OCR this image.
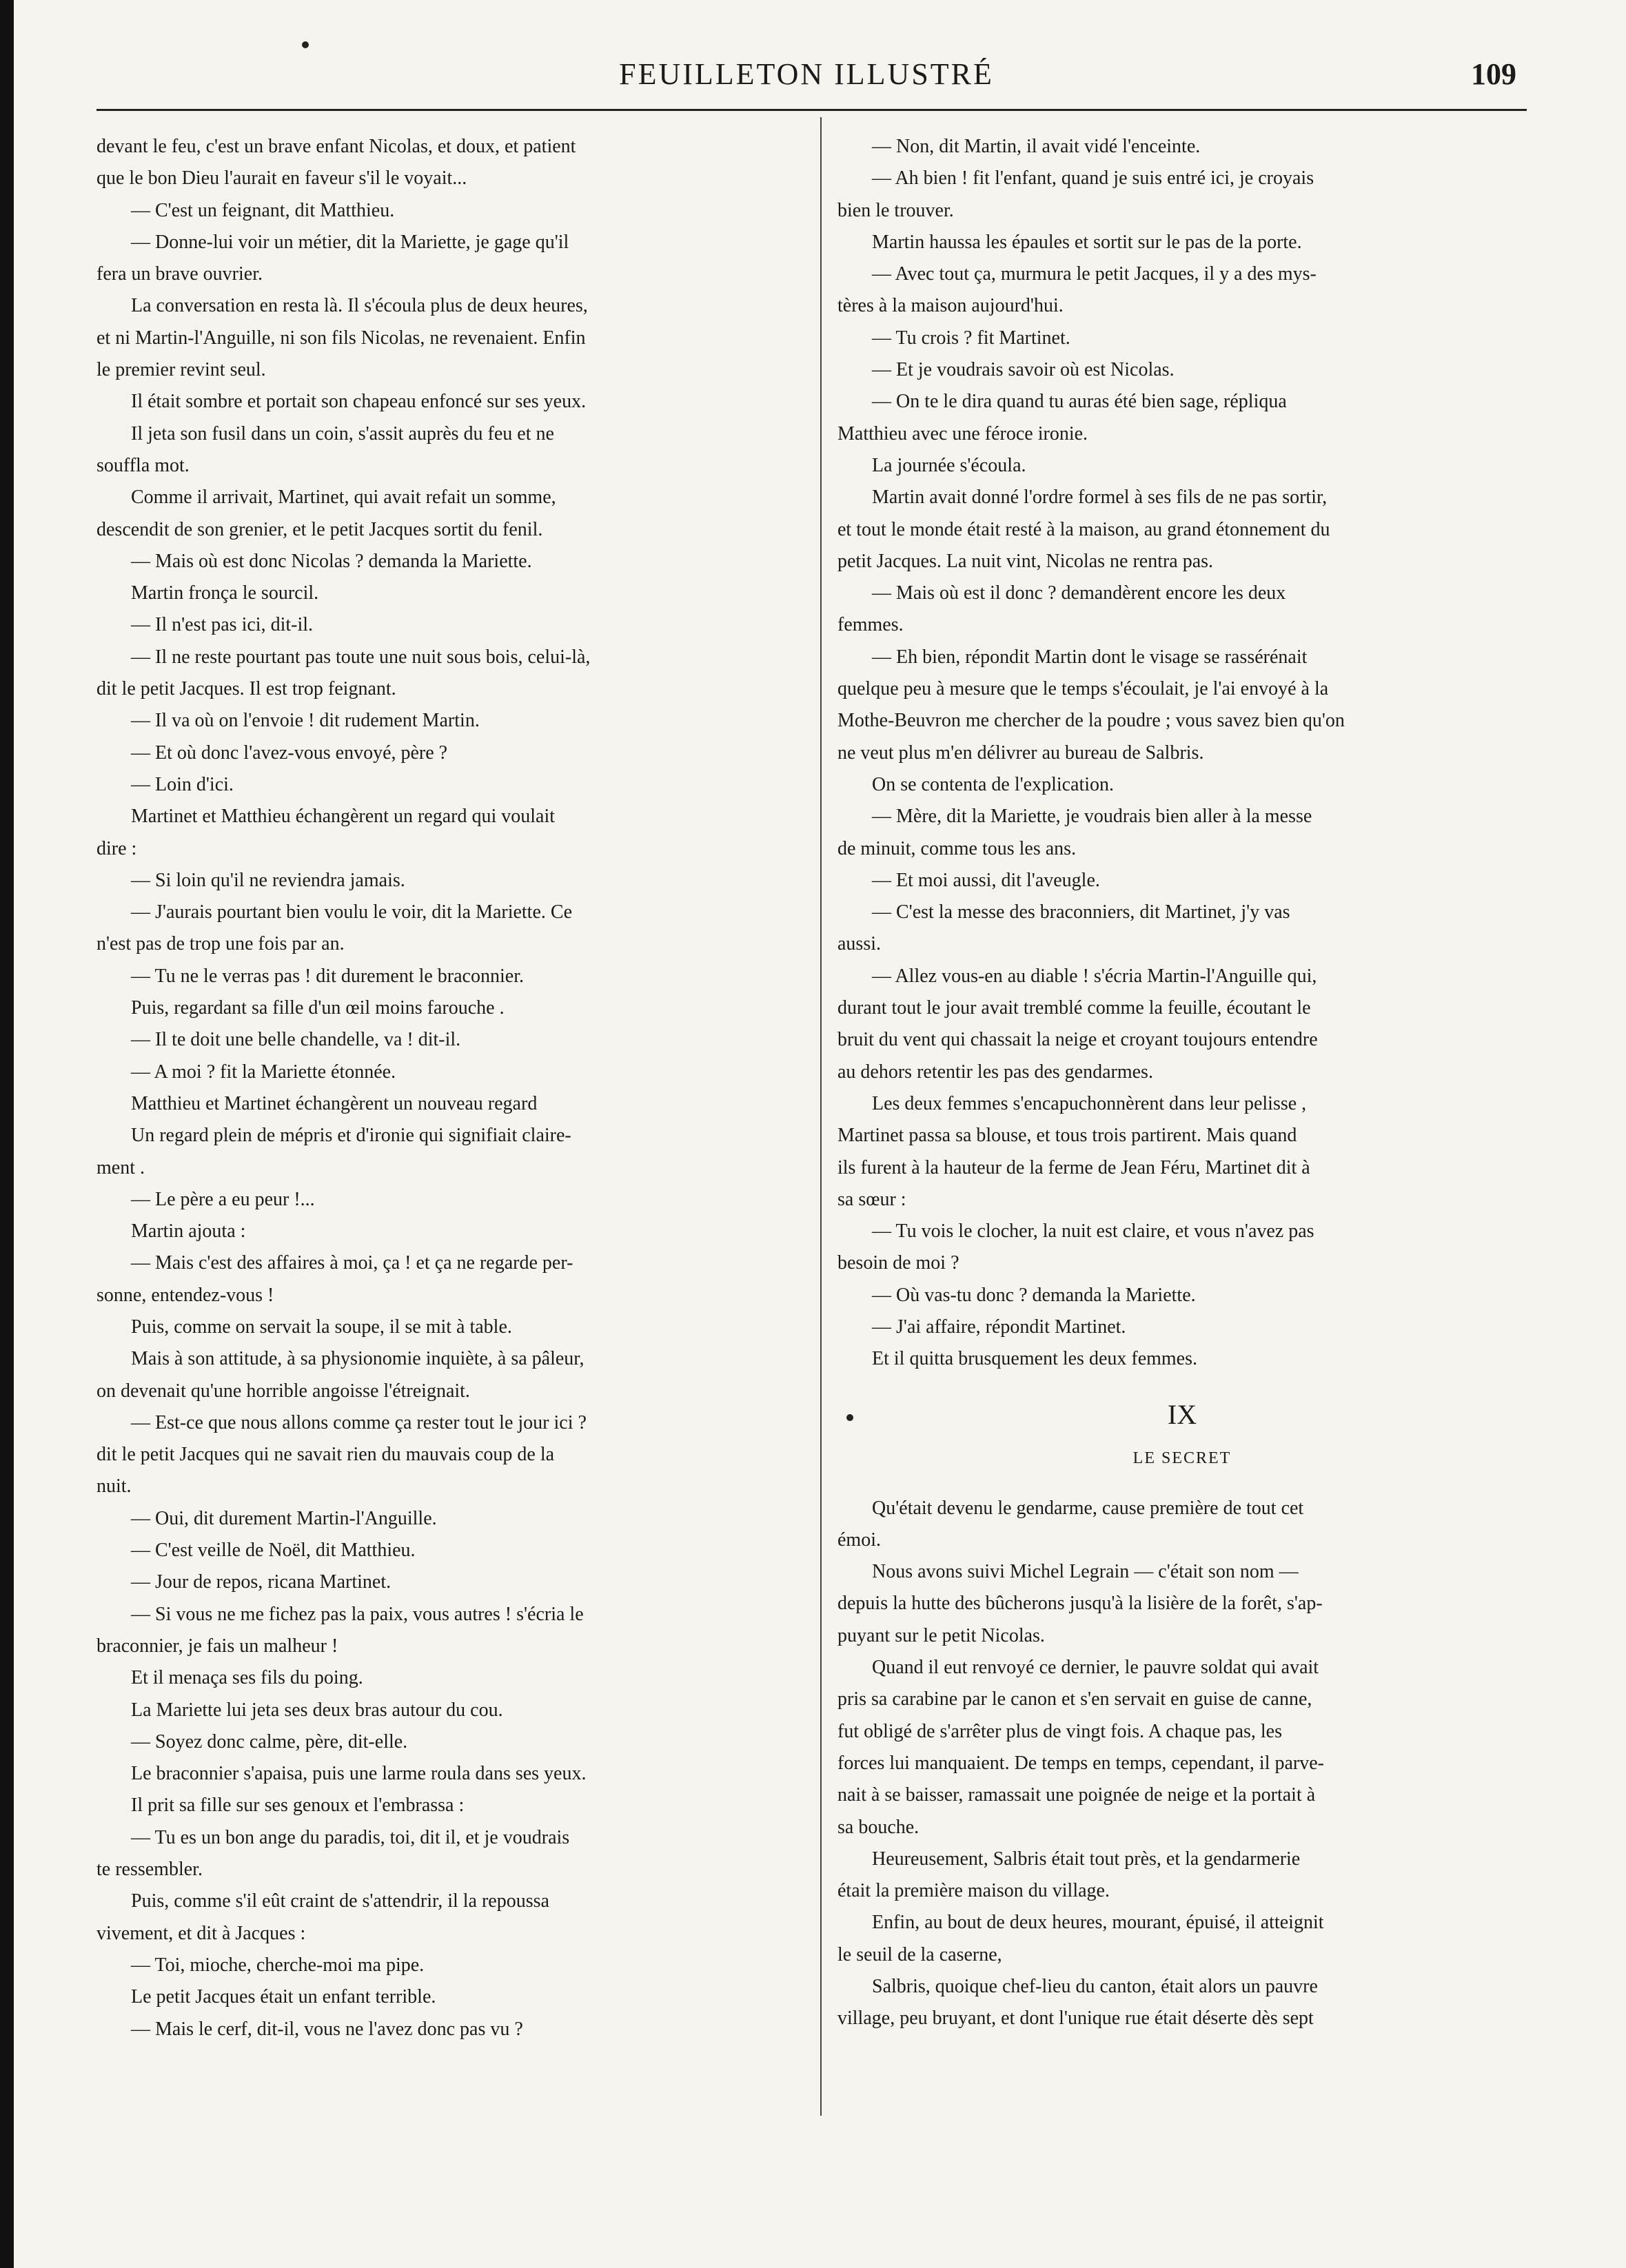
FEUILLETON ILLUSTRÉ	109

devant le feu, c'est un brave enfant Nicolas, et doux, et patient

que le bon Dieu l'aurait en faveur s'il le voyait...

— C'est un feignant, dit Matthieu.

— Donne-lui voir un métier, dit la Mariette, je gage qu'il

fera un brave ouvrier.

La conversation en resta là. Il s'écoula plus de deux heures,

et ni Martin-l'Anguille, ni son fils Nicolas, ne revenaient. Enfin

le premier revint seul.

Il était sombre et portait son chapeau enfoncé sur ses yeux.

Il jeta son fusil dans un coin, s'assit auprès du feu et ne

souffla mot.

Comme il arrivait, Martinet, qui avait refait un somme,

descendit de son grenier, et le petit Jacques sortit du fenil.

— Mais où est donc Nicolas ? demanda la Mariette.

Martin fronça le sourcil.

— Il n'est pas ici, dit-il.

— Il ne reste pourtant pas toute une nuit sous bois, celui-là,

dit le petit Jacques. Il est trop feignant.

— Il va où on l'envoie ! dit rudement Martin.

— Et où donc l'avez-vous envoyé, père ?

— Loin d'ici.

Martinet et Matthieu échangèrent un regard qui voulait

dire :

— Si loin qu'il ne reviendra jamais.

— J'aurais pourtant bien voulu le voir, dit la Mariette. Ce

n'est pas de trop une fois par an.

— Tu ne le verras pas ! dit durement le braconnier.

Puis, regardant sa fille d'un œil moins farouche .

— Il te doit une belle chandelle, va ! dit-il.

— A moi ? fit la Mariette étonnée.

Matthieu et Martinet échangèrent un nouveau regard

Un regard plein de mépris et d'ironie qui signifiait claire-

ment .

— Le père a eu peur !...

Martin ajouta :

— Mais c'est des affaires à moi, ça ! et ça ne regarde per-

sonne, entendez-vous !

Puis, comme on servait la soupe, il se mit à table.

Mais à son attitude, à sa physionomie inquiète, à sa pâleur,

on devenait qu'une horrible angoisse l'étreignait.

— Est-ce que nous allons comme ça rester tout le jour ici ?

dit le petit Jacques qui ne savait rien du mauvais coup de la

nuit.

— Oui, dit durement Martin-l'Anguille.

— C'est veille de Noël, dit Matthieu.

— Jour de repos, ricana Martinet.

— Si vous ne me fichez pas la paix, vous autres ! s'écria le

braconnier, je fais un malheur !

Et il menaça ses fils du poing.

La Mariette lui jeta ses deux bras autour du cou.

— Soyez donc calme, père, dit-elle.

Le braconnier s'apaisa, puis une larme roula dans ses yeux.

Il prit sa fille sur ses genoux et l'embrassa :

— Tu es un bon ange du paradis, toi, dit il, et je voudrais

te ressembler.

Puis, comme s'il eût craint de s'attendrir, il la repoussa

vivement, et dit à Jacques :

— Toi, mioche, cherche-moi ma pipe.

Le petit Jacques était un enfant terrible.

— Mais le cerf, dit-il, vous ne l'avez donc pas vu ?

— Non, dit Martin, il avait vidé l'enceinte.

— Ah bien ! fit l'enfant, quand je suis entré ici, je croyais

bien le trouver.

Martin haussa les épaules et sortit sur le pas de la porte.

— Avec tout ça, murmura le petit Jacques, il y a des mys-

tères à la maison aujourd'hui.

— Tu crois ? fit Martinet.

— Et je voudrais savoir où est Nicolas.

— On te le dira quand tu auras été bien sage, répliqua

Matthieu avec une féroce ironie.

La journée s'écoula.

Martin avait donné l'ordre formel à ses fils de ne pas sortir,

et tout le monde était resté à la maison, au grand étonnement du

petit Jacques. La nuit vint, Nicolas ne rentra pas.

— Mais où est il donc ? demandèrent encore les deux

femmes.

— Eh bien, répondit Martin dont le visage se rassérénait

quelque peu à mesure que le temps s'écoulait, je l'ai envoyé à la

Mothe-Beuvron me chercher de la poudre ; vous savez bien qu'on

ne veut plus m'en délivrer au bureau de Salbris.

On se contenta de l'explication.

— Mère, dit la Mariette, je voudrais bien aller à la messe

de minuit, comme tous les ans.

— Et moi aussi, dit l'aveugle.

— C'est la messe des braconniers, dit Martinet, j'y vas

aussi.

— Allez vous-en au diable ! s'écria Martin-l'Anguille qui,

durant tout le jour avait tremblé comme la feuille, écoutant le

bruit du vent qui chassait la neige et croyant toujours entendre

au dehors retentir les pas des gendarmes.

Les deux femmes s'encapuchonnèrent dans leur pelisse ,

Martinet passa sa blouse, et tous trois partirent. Mais quand

ils furent à la hauteur de la ferme de Jean Féru, Martinet dit à

sa sœur :

— Tu vois le clocher, la nuit est claire, et vous n'avez pas

besoin de moi ?

— Où vas-tu donc ? demanda la Mariette.

— J'ai affaire, répondit Martinet.

Et il quitta brusquement les deux femmes.

IX
LE SECRET

Qu'était devenu le gendarme, cause première de tout cet

émoi.

Nous avons suivi Michel Legrain — c'était son nom —

depuis la hutte des bûcherons jusqu'à la lisière de la forêt, s'ap-

puyant sur le petit Nicolas.

Quand il eut renvoyé ce dernier, le pauvre soldat qui avait

pris sa carabine par le canon et s'en servait en guise de canne,

fut obligé de s'arrêter plus de vingt fois. A chaque pas, les

forces lui manquaient. De temps en temps, cependant, il parve-

nait à se baisser, ramassait une poignée de neige et la portait à

sa bouche.

Heureusement, Salbris était tout près, et la gendarmerie

était la première maison du village.

Enfin, au bout de deux heures, mourant, épuisé, il atteignit

le seuil de la caserne,

Salbris, quoique chef-lieu du canton, était alors un pauvre

village, peu bruyant, et dont l'unique rue était déserte dès sept
